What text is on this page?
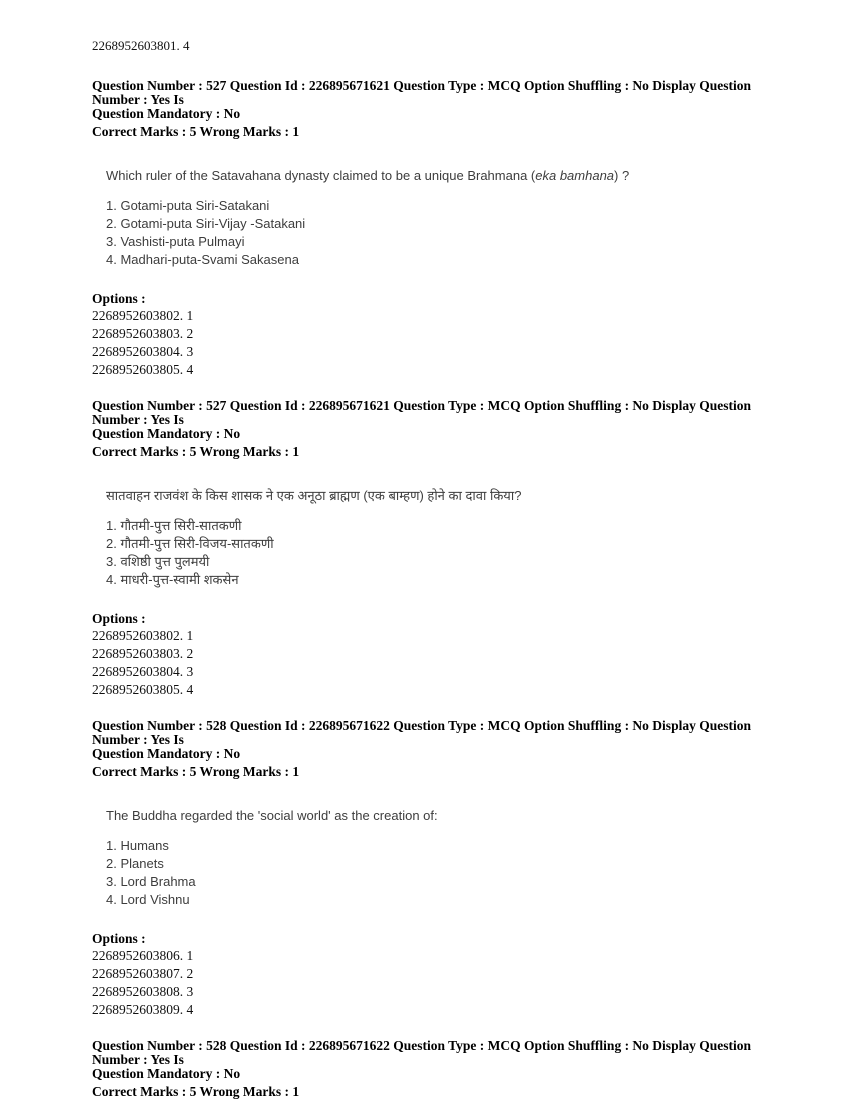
2268952603801. 4
Question Number : 527 Question Id : 226895671621 Question Type : MCQ Option Shuffling : No Display Question Number : Yes Is
Question Mandatory : No
Correct Marks : 5 Wrong Marks : 1

Which ruler of the Satavahana dynasty claimed to be a unique Brahmana (eka bamhana) ?

1. Gotami-puta Siri-Satakani
2. Gotami-puta Siri-Vijay -Satakani
3. Vashisti-puta Pulmayi
4. Madhari-puta-Svami Sakasena
Options :
2268952603802. 1
2268952603803. 2
2268952603804. 3
2268952603805. 4
Question Number : 527 Question Id : 226895671621 Question Type : MCQ Option Shuffling : No Display Question Number : Yes Is
Question Mandatory : No
Correct Marks : 5 Wrong Marks : 1

सातवाहन राजवंश के किस शासक ने एक अनूठा ब्राह्मण (एक बाम्हण) होने का दावा किया?

1. गौतमी-पुत्त सिरी-सातकणी
2. गौतमी-पुत्त सिरी-विजय-सातकणी
3. वशिष्ठी पुत्त पुलमयी
4. माधरी-पुत्त-स्वामी शकसेन
Options :
2268952603802. 1
2268952603803. 2
2268952603804. 3
2268952603805. 4
Question Number : 528 Question Id : 226895671622 Question Type : MCQ Option Shuffling : No Display Question Number : Yes Is
Question Mandatory : No
Correct Marks : 5 Wrong Marks : 1

The Buddha regarded the 'social world' as the creation of:

1. Humans
2. Planets
3. Lord Brahma
4. Lord Vishnu
Options :
2268952603806. 1
2268952603807. 2
2268952603808. 3
2268952603809. 4
Question Number : 528 Question Id : 226895671622 Question Type : MCQ Option Shuffling : No Display Question Number : Yes Is
Question Mandatory : No
Correct Marks : 5 Wrong Marks : 1
